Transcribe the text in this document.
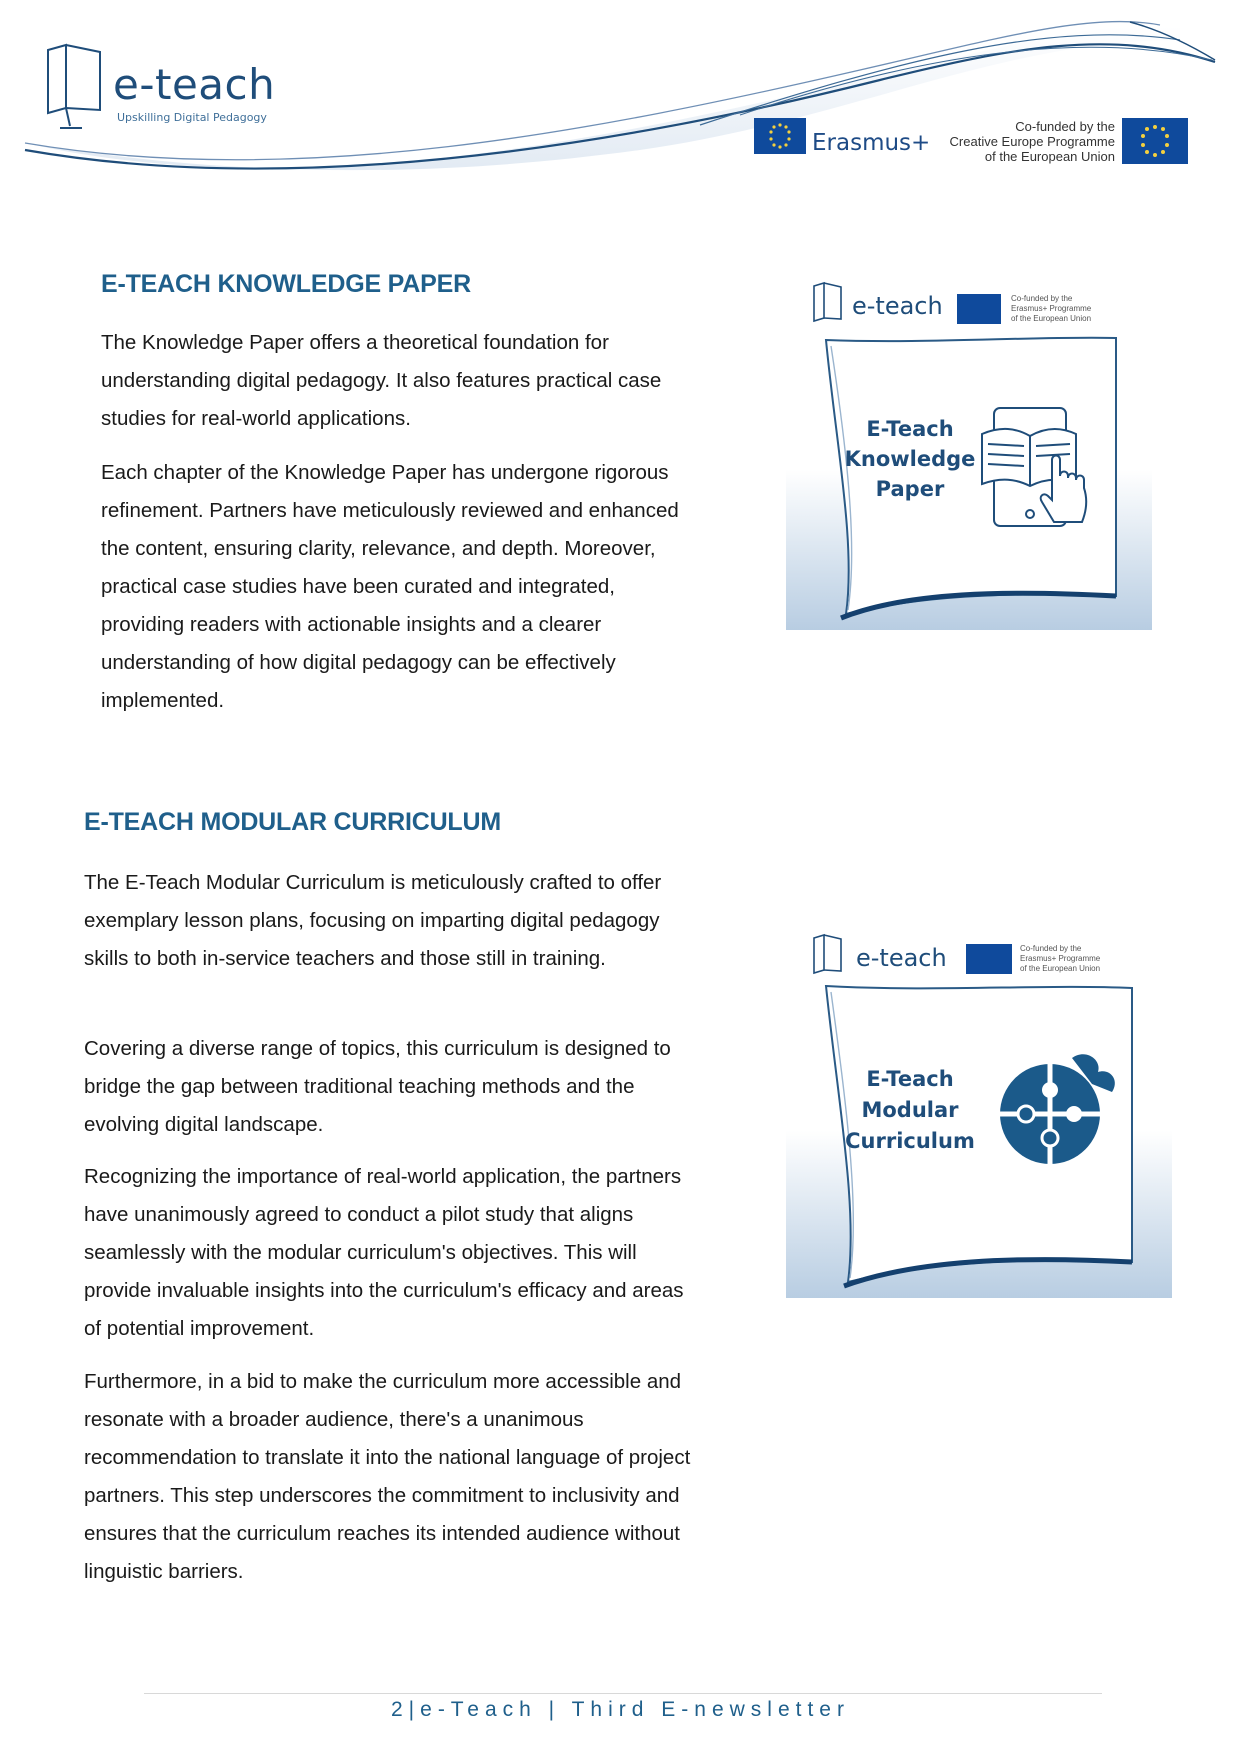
e-teach
Upskilling Digital Pedagogy
Erasmus+
Co-funded by the
Creative Europe Programme
of the European Union
E-TEACH KNOWLEDGE PAPER

The Knowledge Paper offers a theoretical foundation for understanding digital pedagogy. It also features practical case studies for real-world applications.

Each chapter of the Knowledge Paper has undergone rigorous refinement. Partners have meticulously reviewed and enhanced the content, ensuring clarity, relevance, and depth. Moreover, practical case studies have been curated and integrated, providing readers with actionable insights and a clearer understanding of how digital pedagogy can be effectively implemented.

e-teach	Co-funded by the
Erasmus+ Programme
of the European Union
E-Teach
Knowledge
Paper
E-TEACH MODULAR CURRICULUM

The E-Teach Modular Curriculum is meticulously crafted to offer exemplary lesson plans, focusing on imparting digital pedagogy skills to both in-service teachers and those still in training.

Covering a diverse range of topics, this curriculum is designed to bridge the gap between traditional teaching methods and the evolving digital landscape.

Recognizing the importance of real-world application, the partners have unanimously agreed to conduct a pilot study that aligns seamlessly with the modular curriculum's objectives. This will provide invaluable insights into the curriculum's efficacy and areas of potential improvement.

Furthermore, in a bid to make the curriculum more accessible and resonate with a broader audience, there's a unanimous recommendation to translate it into the national language of project partners. This step underscores the commitment to inclusivity and ensures that the curriculum reaches its intended audience without linguistic barriers.

e-teach	Co-funded by the
Erasmus+ Programme
of the European Union
E-Teach
Modular
Curriculum
2|e-Teach | Third E-newsletter
